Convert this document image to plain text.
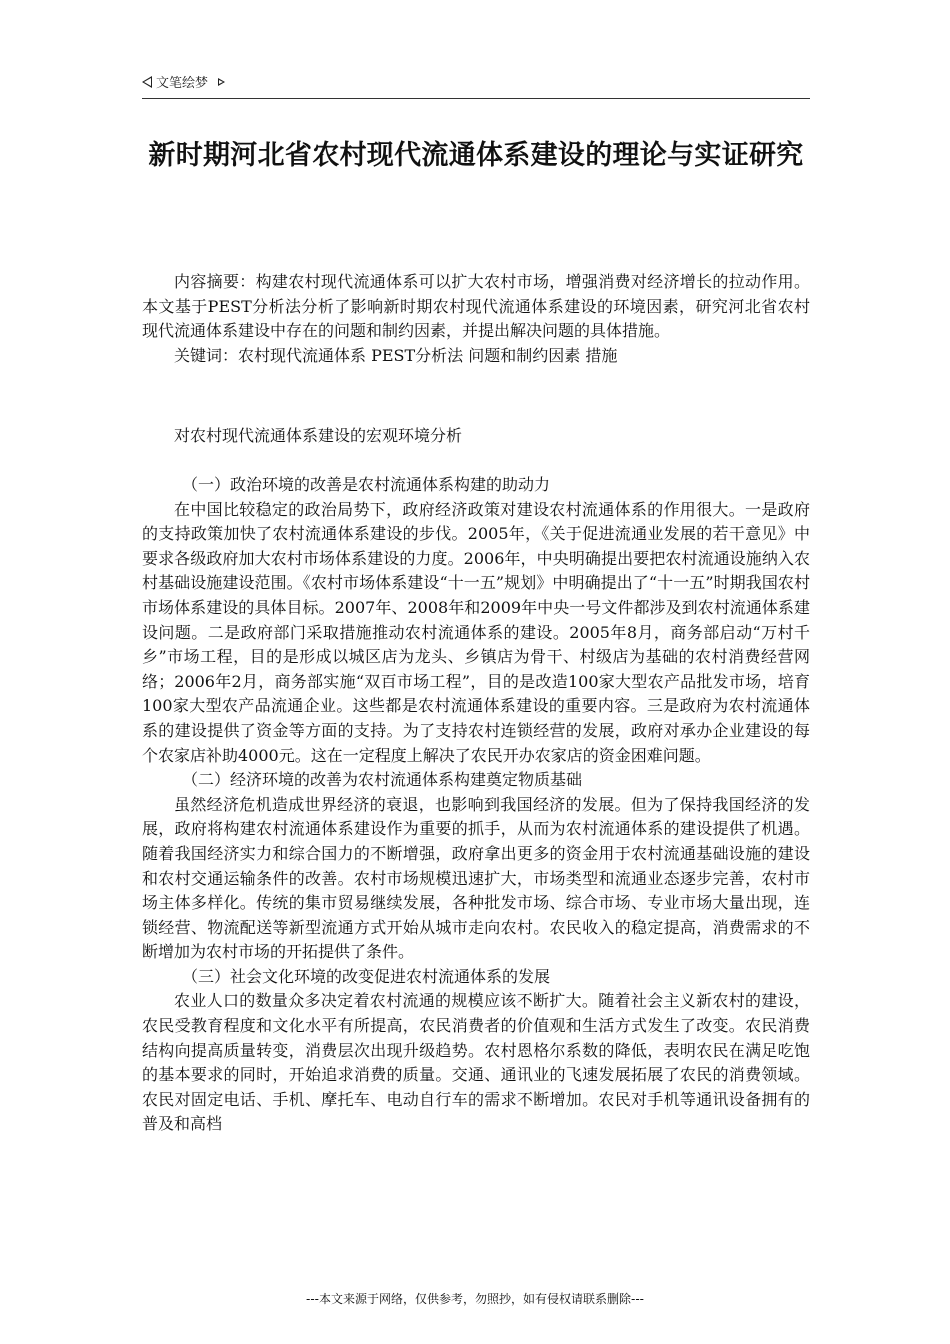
文笔绘梦
新时期河北省农村现代流通体系建设的理论与实证研究

内容摘要：构建农村现代流通体系可以扩大农村市场，增强消费对经济增长的拉动作用。本文基于PEST分析法分析了影响新时期农村现代流通体系建设的环境因素，研究河北省农村现代流通体系建设中存在的问题和制约因素，并提出解决问题的具体措施。

关键词：农村现代流通体系 PEST分析法 问题和制约因素 措施

对农村现代流通体系建设的宏观环境分析

（一）政治环境的改善是农村流通体系构建的助动力

在中国比较稳定的政治局势下，政府经济政策对建设农村流通体系的作用很大。一是政府的支持政策加快了农村流通体系建设的步伐。2005年，《关于促进流通业发展的若干意见》中要求各级政府加大农村市场体系建设的力度。2006年，中央明确提出要把农村流通设施纳入农村基础设施建设范围。《农村市场体系建设“十一五”规划》中明确提出了“十一五”时期我国农村市场体系建设的具体目标。2007年、2008年和2009年中央一号文件都涉及到农村流通体系建设问题。二是政府部门采取措施推动农村流通体系的建设。2005年8月，商务部启动“万村千乡”市场工程，目的是形成以城区店为龙头、乡镇店为骨干、村级店为基础的农村消费经营网络；2006年2月，商务部实施“双百市场工程”，目的是改造100家大型农产品批发市场，培育100家大型农产品流通企业。这些都是农村流通体系建设的重要内容。三是政府为农村流通体系的建设提供了资金等方面的支持。为了支持农村连锁经营的发展，政府对承办企业建设的每个农家店补助4000元。这在一定程度上解决了农民开办农家店的资金困难问题。

（二）经济环境的改善为农村流通体系构建奠定物质基础

虽然经济危机造成世界经济的衰退，也影响到我国经济的发展。但为了保持我国经济的发展，政府将构建农村流通体系建设作为重要的抓手，从而为农村流通体系的建设提供了机遇。随着我国经济实力和综合国力的不断增强，政府拿出更多的资金用于农村流通基础设施的建设和农村交通运输条件的改善。农村市场规模迅速扩大，市场类型和流通业态逐步完善，农村市场主体多样化。传统的集市贸易继续发展，各种批发市场、综合市场、专业市场大量出现，连锁经营、物流配送等新型流通方式开始从城市走向农村。农民收入的稳定提高，消费需求的不断增加为农村市场的开拓提供了条件。

（三）社会文化环境的改变促进农村流通体系的发展

农业人口的数量众多决定着农村流通的规模应该不断扩大。随着社会主义新农村的建设，农民受教育程度和文化水平有所提高，农民消费者的价值观和生活方式发生了改变。农民消费结构向提高质量转变，消费层次出现升级趋势。农村恩格尔系数的降低，表明农民在满足吃饱的基本要求的同时，开始追求消费的质量。交通、通讯业的飞速发展拓展了农民的消费领域。农民对固定电话、手机、摩托车、电动自行车的需求不断增加。农民对手机等通讯设备拥有的普及和高档

---本文来源于网络，仅供参考，勿照抄，如有侵权请联系删除---
